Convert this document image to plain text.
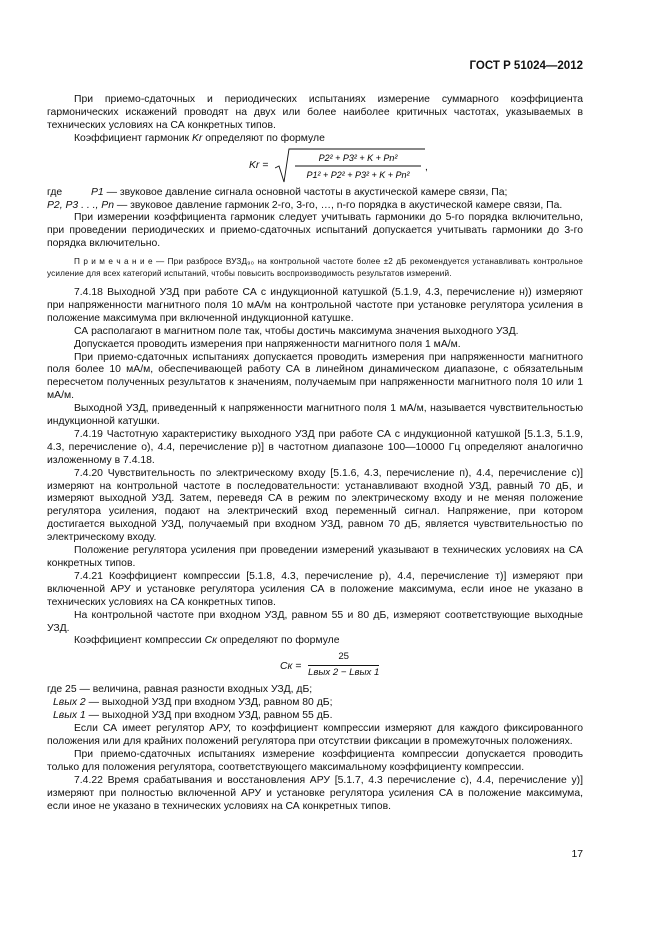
ГОСТ Р 51024—2012

При приемо-сдаточных и периодических испытаниях измерение суммарного коэффициента гармонических искажений проводят на двух или более наиболее критичных частотах, указываемых в технических условиях на СА конкретных типов.

Коэффициент гармоник Kr определяют по формуле

Kr =
P2² + P3² + K + Pn²
P1² + P2² + P3² + K + Pn²
,
где	P1 — звуковое давление сигнала основной частоты в акустической камере связи, Па;
P2, P3 . . ., Pn — звуковое давление гармоник 2-го, 3-го, …, n-го порядка в акустической камере связи, Па.

При измерении коэффициента гармоник следует учитывать гармоники до 5-го порядка включительно, при проведении периодических и приемо-сдаточных испытаний допускается учитывать гармоники до 3-го порядка включительно.

П р и м е ч а н и е — При разбросе ВУЗД₉₀ на контрольной частоте более ±2 дБ рекомендуется устанавливать контрольное усиление для всех категорий испытаний, чтобы повысить воспроизводимость результатов измерений.

7.4.18 Выходной УЗД при работе СА с индукционной катушкой (5.1.9, 4.3, перечисление н)) измеряют при напряженности магнитного поля 10 мА/м на контрольной частоте при установке регулятора усиления в положение максимума при включенной индукционной катушке.

СА располагают в магнитном поле так, чтобы достичь максимума значения выходного УЗД.

Допускается проводить измерения при напряженности магнитного поля 1 мА/м.

При приемо-сдаточных испытаниях допускается проводить измерения при напряженности магнитного поля более 10 мА/м, обеспечивающей работу СА в линейном динамическом диапазоне, с обязательным пересчетом полученных результатов к значениям, получаемым при напряженности магнитного поля 10 или 1 мА/м.

Выходной УЗД, приведенный к напряженности магнитного поля 1 мА/м, называется чувствительностью индукционной катушки.

7.4.19 Частотную характеристику выходного УЗД при работе СА с индукционной катушкой [5.1.3, 5.1.9, 4.3, перечисление о), 4.4, перечисление р)] в частотном диапазоне 100—10000 Гц определяют аналогично изложенному в 7.4.18.

7.4.20 Чувствительность по электрическому входу [5.1.6, 4.3, перечисление п), 4.4, перечисление с)] измеряют на контрольной частоте в последовательности: устанавливают входной УЗД, равный 70 дБ, и измеряют выходной УЗД. Затем, переведя СА в режим по электрическому входу и не меняя положение регулятора усиления, подают на электрический вход переменный сигнал. Напряжение, при котором достигается выходной УЗД, получаемый при входном УЗД, равном 70 дБ, является чувствительностью по электрическому входу.

Положение регулятора усиления при проведении измерений указывают в технических условиях на СА конкретных типов.

7.4.21 Коэффициент компрессии [5.1.8, 4.3, перечисление р), 4.4, перечисление т)] измеряют при включенной АРУ и установке регулятора усиления СА в положение максимума, если иное не указано в технических условиях на СА конкретных типов.

На контрольной частоте при входном УЗД, равном 55 и 80 дБ, измеряют соответствующие выходные УЗД.

Коэффициент компрессии Cк определяют по формуле

Cк =
25
Lвых 2 − Lвых 1
где 25 — величина, равная разности входных УЗД, дБ;
Lвых 2 — выходной УЗД при входном УЗД, равном 80 дБ;
Lвых 1 — выходной УЗД при входном УЗД, равном 55 дБ.

Если СА имеет регулятор АРУ, то коэффициент компрессии измеряют для каждого фиксированного положения или для крайних положений регулятора при отсутствии фиксации в промежуточных положениях.

При приемо-сдаточных испытаниях измерение коэффициента компрессии допускается проводить только для положения регулятора, соответствующего максимальному коэффициенту компрессии.

7.4.22 Время срабатывания и восстановления АРУ [5.1.7, 4.3 перечисление с), 4.4, перечисление у)] измеряют при полностью включенной АРУ и установке регулятора усиления СА в положение максимума, если иное не указано в технических условиях на СА конкретных типов.

17
